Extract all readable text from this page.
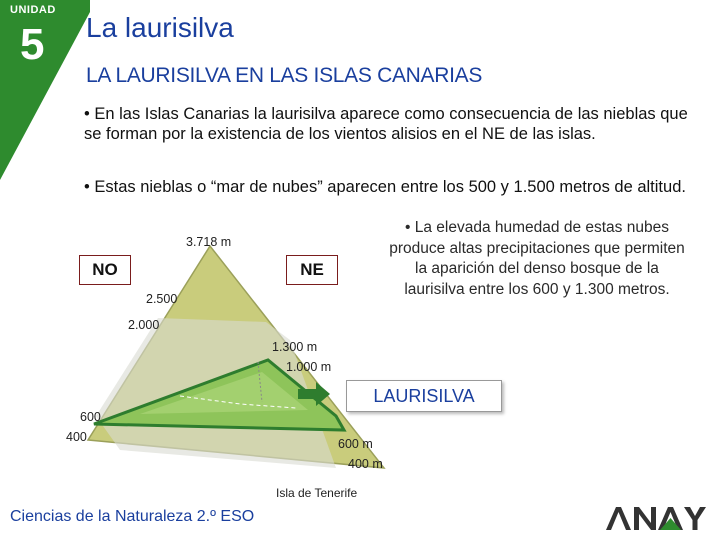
UNIDAD
5 La laurisilva
LA LAURISILVA EN LAS ISLAS CANARIAS
• En las Islas Canarias la laurisilva aparece como consecuencia de las nieblas que se forman por la existencia de los vientos alisios en el NE de las islas.
• Estas nieblas o “mar de nubes” aparecen entre los 500 y 1.500 metros de altitud.
NO	NE
3.718 m
2.500
2.000
1.300 m
1.000 m
600
400	600 m
400 m
LAURISILVA
• La elevada humedad de estas nubes produce altas precipitaciones que permiten la aparición del denso bosque de la laurisilva entre los 600 y 1.300 metros.
Isla de Tenerife
Ciencias de la Naturaleza 2.º ESO
